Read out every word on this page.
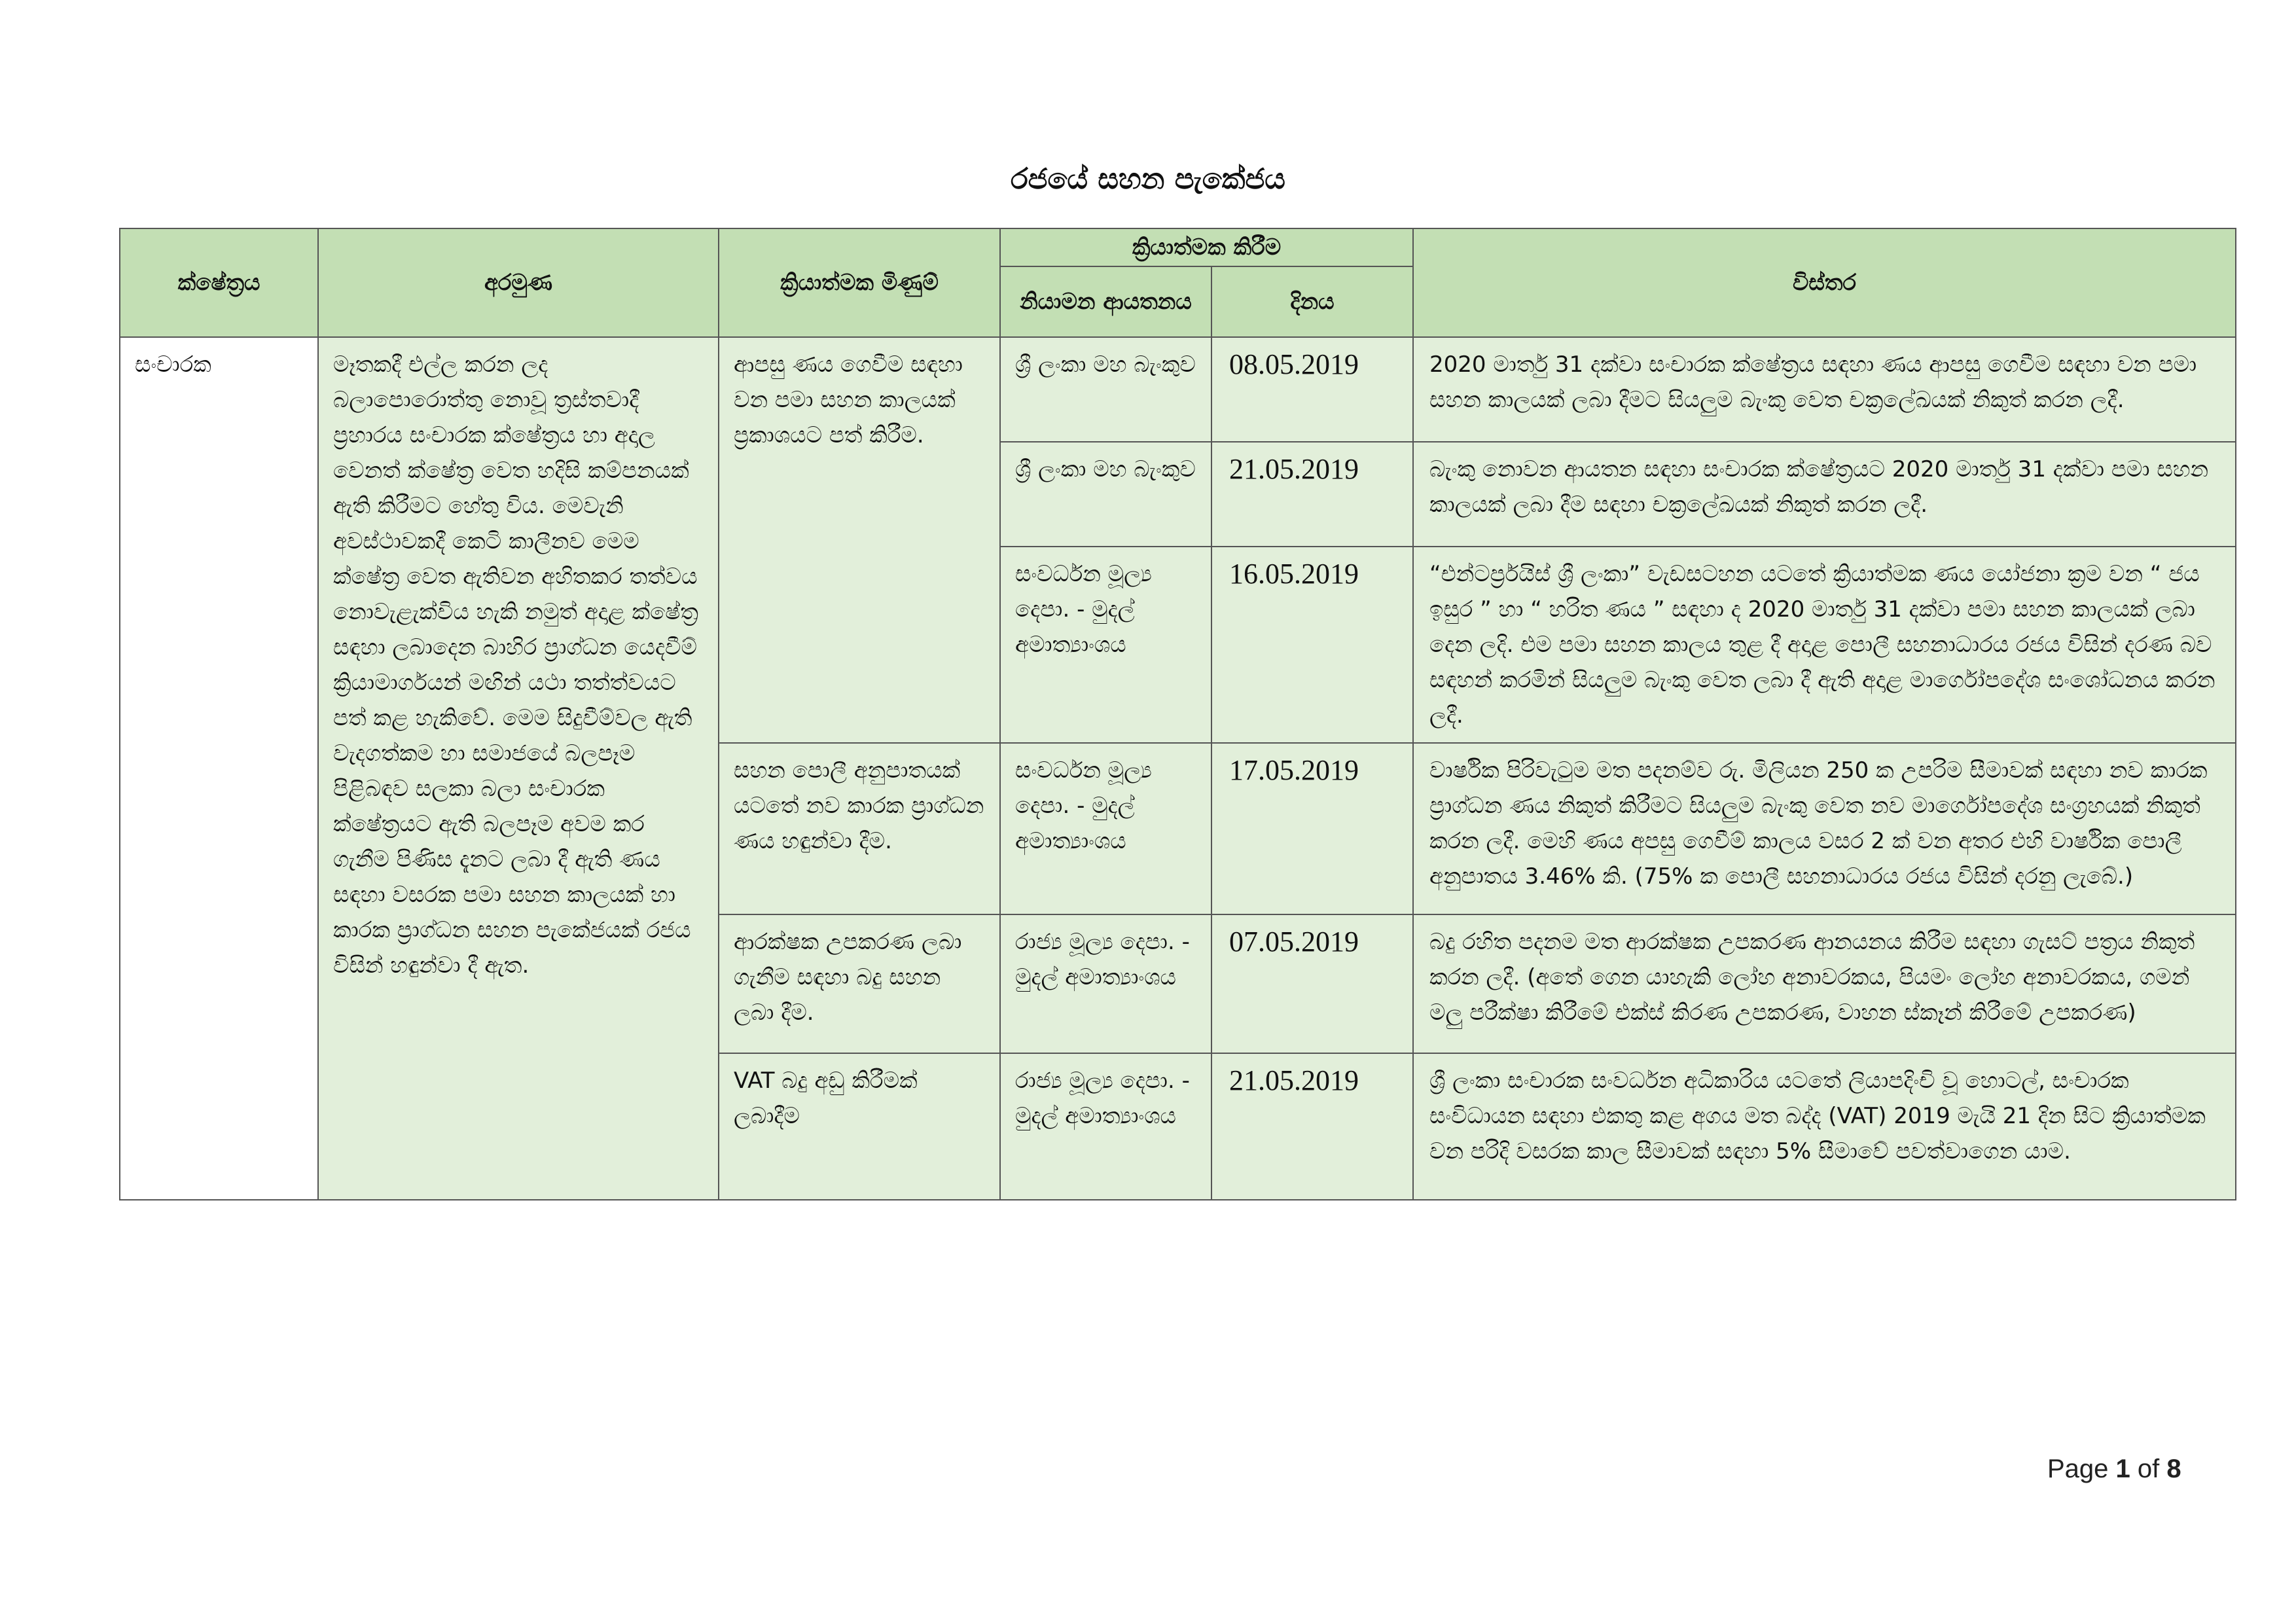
රජයේ සහන පැකේජය
ක්ෂේත්‍රය	අරමුණ	ක්‍රියාත්මක මිණුම්	ක්‍රියාත්මක කිරීම		විස්තර
			නියාමන ආයතනය	දිනය	
සංචාරක	මෑතකදී එල්ල කරන ලද බලාපොරොත්තු නොවූ ත්‍රස්තවාදී ප්‍රහාරය සංචාරක ක්ෂේත්‍රය හා අදාල වෙනත් ක්ෂේත්‍ර වෙත හදිසි කම්පනයක් ඇති කිරීමට හේතු විය. මෙවැනි අවස්ථාවකදී කෙටි කාලීනව මෙම ක්ෂේත්‍ර වෙත ඇතිවන අහිතකර තත්වය නොවැළැක්විය හැකි නමුත් අදාළ ක්ෂේත්‍ර සඳහා ලබාදෙන බාහිර ප්‍රාග්ධන යෙදවීම් ක්‍රියාමාර්ගයන් මඟින් යථා තත්ත්වයට පත් කළ හැකිවේ. මෙම සිදුවීම්වල ඇති වැදගත්කම හා සමාජයේ බලපෑම පිළිබඳව සලකා බලා සංචාරක ක්ෂේත්‍රයට ඇති බලපෑම අවම කර ගැනීම පිණිස දැනට ලබා දී ඇති ණය සඳහා වසරක පමා සහන කාලයක් හා කාරක ප්‍රාග්ධන සහන පැකේජයක් රජය විසින් හඳුන්වා දී ඇත.	ආපසු ණය ගෙවීම සඳහා වන පමා සහන කාලයක් ප්‍රකාශයට පත් කිරීම.	ශ්‍රී ලංකා මහ බැංකුව	08.05.2019	2020 මාර්තු 31 දක්වා සංචාරක ක්ෂේත්‍රය සඳහා ණය ආපසු ගෙවීම සඳහා වන පමා සහන කාලයක් ලබා දීමට සියලුම බැංකු වෙත චක්‍රලේඛයක් නිකුත් කරන ලදී.
			ශ්‍රී ලංකා මහ බැංකුව	21.05.2019	බැංකු නොවන ආයතන සඳහා සංචාරක ක්ෂේත්‍රයට 2020 මාර්තු 31 දක්වා පමා සහන කාලයක් ලබා දීම සඳහා චක්‍රලේඛයක් නිකුත් කරන ලදී.
			සංවර්ධන මූල්‍ය දෙපා. - මුදල් අමාත්‍යාංශය	16.05.2019	“එන්ටර්ප්‍රයිස් ශ්‍රී ලංකා” වැඩසටහන යටතේ ක්‍රියාත්මක ණය යෝජනා ක්‍රම වන “ ජය ඉසුර ” හා “ හරිත ණය ” සඳහා ද 2020 මාර්තු 31 දක්වා පමා සහන කාලයක් ලබා දෙන ලදි. එම පමා සහන කාලය තුළ දී අදාළ පොලී සහනාධාරය රජය විසින් දරණ බව සඳහන් කරමින් සියලුම බැංකු වෙත ලබා දී ඇති අදාළ මාර්ගෝපදේශ සංශෝධනය කරන ලදී.
		සහන පොලී අනුපාතයක් යටතේ නව කාරක ප්‍රාග්ධන ණය හඳුන්වා දීම.	සංවර්ධන මූල්‍ය දෙපා. - මුදල් අමාත්‍යාංශය	17.05.2019	වාර්ෂික පිරිවැටුම මත පදනම්ව රු. මිලියන 250 ක උපරිම සීමාවක් සඳහා නව කාරක ප්‍රාග්ධන ණය නිකුත් කිරීමට සියලුම බැංකු වෙත නව මාර්ගෝපදේශ සංග්‍රහයක් නිකුත් කරන ලදී. මෙහි ණය අපසු ගෙවීම් කාලය වසර 2 ක් වන අතර එහි වාර්ෂික පොලී අනුපාතය 3.46% කි. (75% ක පොලී සහනාධාරය රජය විසින් දරනු ලැබේ.)
		ආරක්ෂක උපකරණ ලබා ගැනීම සඳහා බදු සහන ලබා දීම.	රාජ්‍ය මූල්‍ය දෙපා. - මුදල් අමාත්‍යාංශය	07.05.2019	බදු රහිත පදනම මත ආරක්ෂක උපකරණ ආනයනය කිරීම සඳහා ගැසට් පත්‍රය නිකුත් කරන ලදී. (අතේ ගෙන යාහැකි ලෝහ අනාවරකය, පියමං ලෝහ අනාවරකය, ගමන් මලු පරීක්ෂා කිරීමේ එක්ස් කිරණ උපකරණ, වාහන ස්කෑන් කිරීමේ උපකරණ)
		VAT බදු අඩු කිරීමක් ලබාදීම	රාජ්‍ය මූල්‍ය දෙපා. - මුදල් අමාත්‍යාංශය	21.05.2019	ශ්‍රී ලංකා සංචාරක සංවර්ධන අධිකාරිය යටතේ ලියාපදිංචි වූ හොටල්, සංචාරක සංවිධායන සඳහා එකතු කළ අගය මත බද්ද (VAT) 2019 මැයි 21 දින සිට ක්‍රියාත්මක වන පරිදි වසරක කාල සීමාවක් සඳහා 5% සීමාවේ පවත්වාගෙන යාම.
Page 1 of 8
